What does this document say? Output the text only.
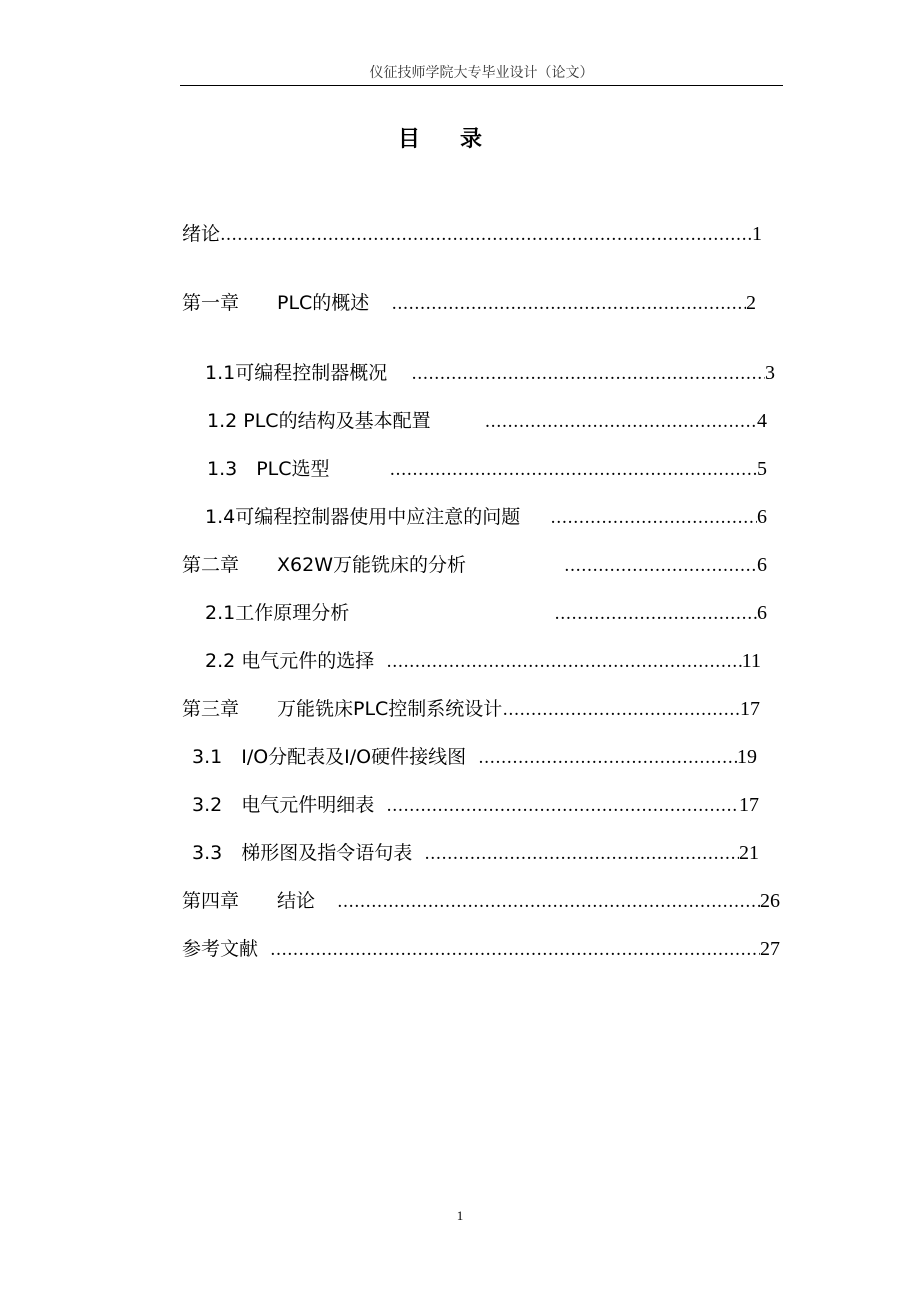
仪征技师学院大专毕业设计（论文）
目录
绪论 …………………………………………………………………………………………………………………………………………………	1
第一章　　PLC的概述 …………………………………………………………………………………………………………………………………………………	2
1.1可编程控制器概况 …………………………………………………………………………………………………………………………………………………	3
1.2 PLC的结构及基本配置 …………………………………………………………………………………………………………………………………………………	4
1.3　PLC选型 …………………………………………………………………………………………………………………………………………………	5
1.4可编程控制器使用中应注意的问题 …………………………………………………………………………………………………………………………………………………	6
第二章　　X62W万能铣床的分析 …………………………………………………………………………………………………………………………………………………	6
2.1工作原理分析 …………………………………………………………………………………………………………………………………………………	6
2.2 电气元件的选择 …………………………………………………………………………………………………………………………………………………	11
第三章　　万能铣床PLC控制系统设计 …………………………………………………………………………………………………………………………………………………	17
3.1　I/O分配表及I/O硬件接线图 …………………………………………………………………………………………………………………………………………………	19
3.2　电气元件明细表 …………………………………………………………………………………………………………………………………………………	17
3.3　梯形图及指令语句表 …………………………………………………………………………………………………………………………………………………	21
第四章　　结论 …………………………………………………………………………………………………………………………………………………	26
参考文献 …………………………………………………………………………………………………………………………………………………	27
1
